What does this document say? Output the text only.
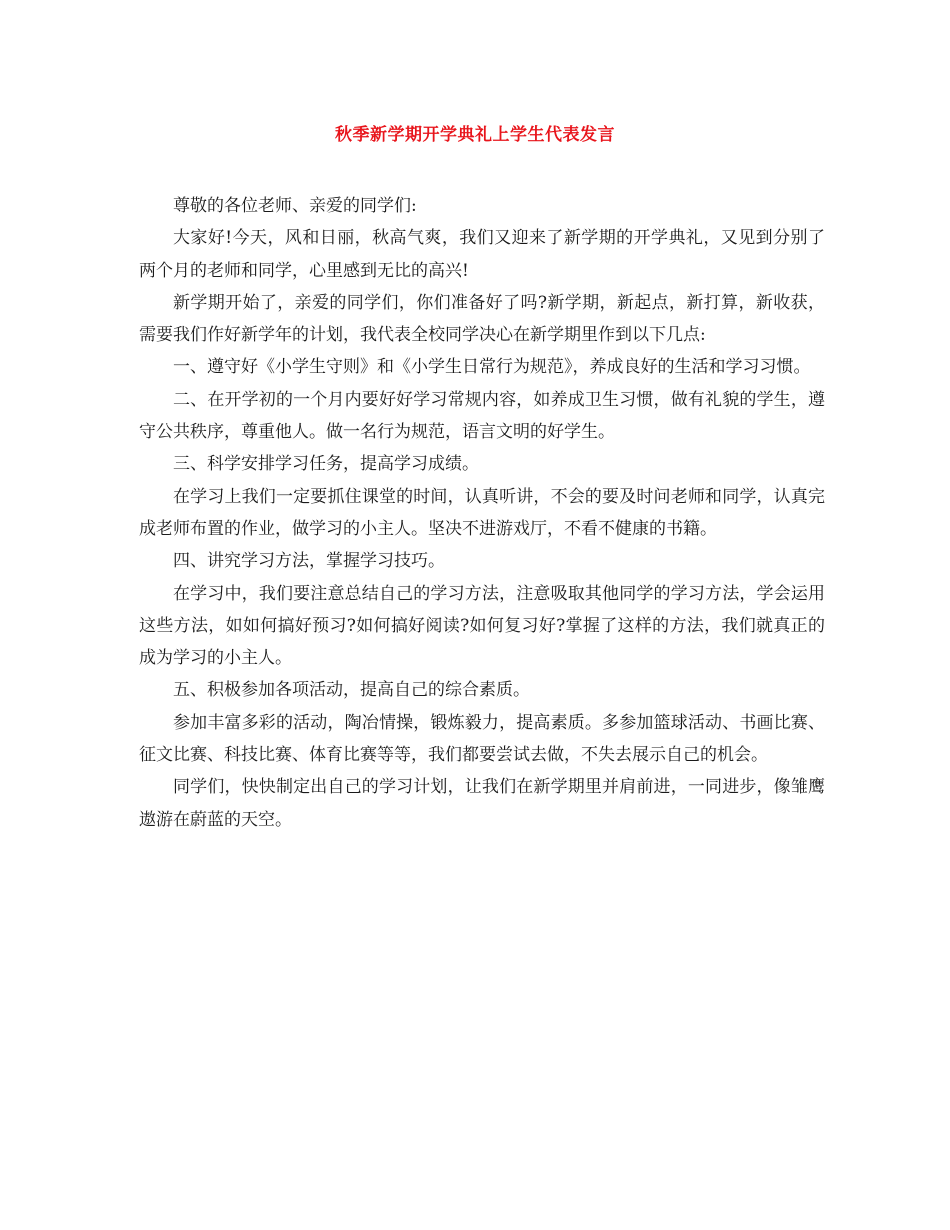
秋季新学期开学典礼上学生代表发言

尊敬的各位老师、亲爱的同学们:

大家好!今天，风和日丽，秋高气爽，我们又迎来了新学期的开学典礼，又见到分别了两个月的老师和同学，心里感到无比的高兴!

新学期开始了，亲爱的同学们，你们准备好了吗?新学期，新起点，新打算，新收获，需要我们作好新学年的计划，我代表全校同学决心在新学期里作到以下几点:

一、遵守好《小学生守则》和《小学生日常行为规范》，养成良好的生活和学习习惯。

二、在开学初的一个月内要好好学习常规内容，如养成卫生习惯，做有礼貌的学生，遵守公共秩序，尊重他人。做一名行为规范，语言文明的好学生。

三、科学安排学习任务，提高学习成绩。

在学习上我们一定要抓住课堂的时间，认真听讲，不会的要及时问老师和同学，认真完成老师布置的作业，做学习的小主人。坚决不进游戏厅，不看不健康的书籍。

四、讲究学习方法，掌握学习技巧。

在学习中，我们要注意总结自己的学习方法，注意吸取其他同学的学习方法，学会运用这些方法，如如何搞好预习?如何搞好阅读?如何复习好?掌握了这样的方法，我们就真正的成为学习的小主人。

五、积极参加各项活动，提高自己的综合素质。

参加丰富多彩的活动，陶冶情操，锻炼毅力，提高素质。多参加篮球活动、书画比赛、征文比赛、科技比赛、体育比赛等等，我们都要尝试去做，不失去展示自己的机会。

同学们，快快制定出自己的学习计划，让我们在新学期里并肩前进，一同进步，像雏鹰遨游在蔚蓝的天空。
